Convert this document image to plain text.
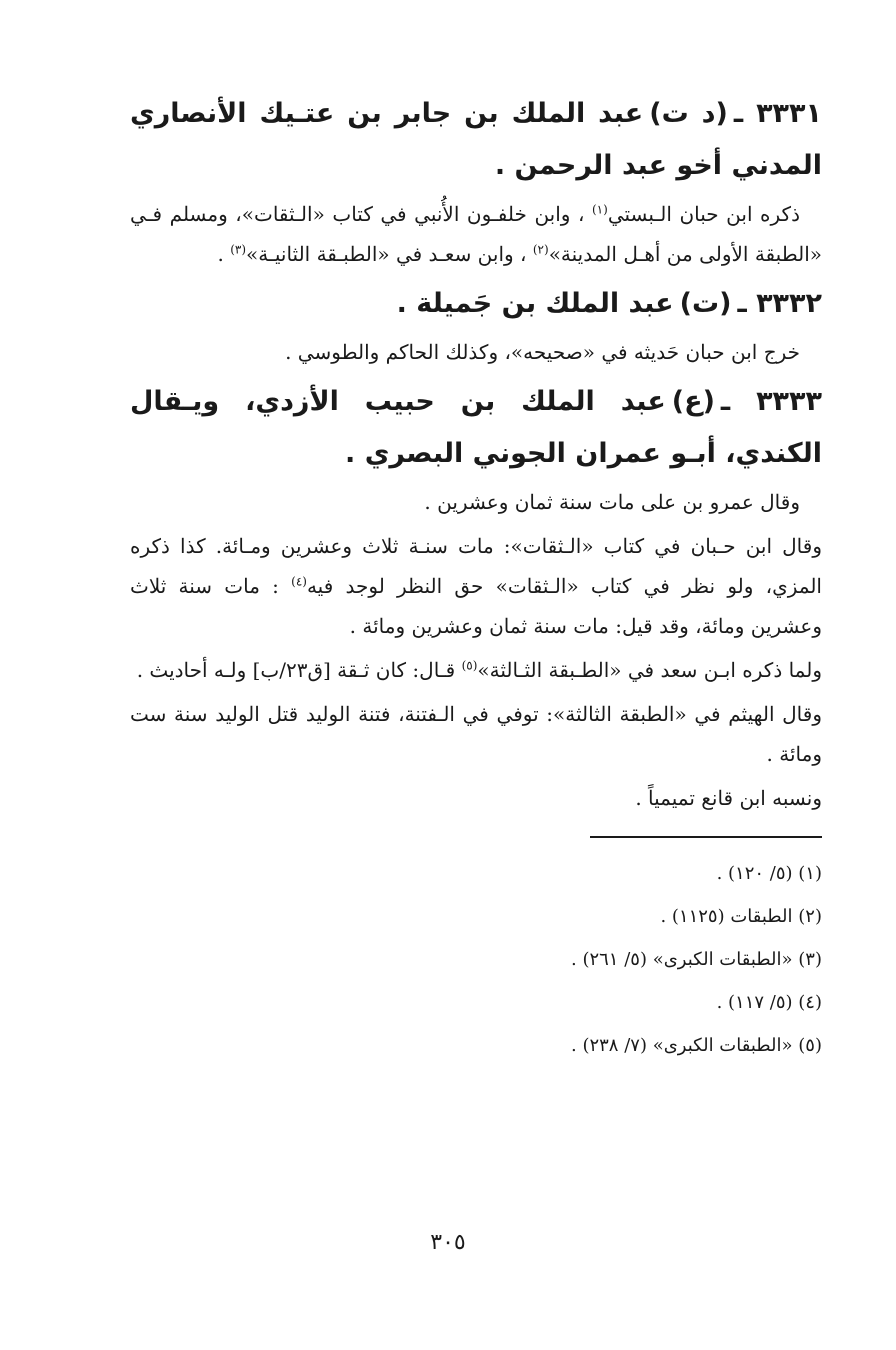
٣٣٣١ ـ(د ت)عبد الملك بن جابر بن عتـيك الأنصاري المدني أخو عبد الرحمن .

ذكره ابن حبان الـبستي$^{(١)}$ ، وابن خلفـون الأُنبي في كتاب «الـثقات»، ومسلم فـي «الطبقة الأولى من أهـل المدينة»$^{(٢)}$ ، وابن سعـد في «الطبـقة الثانيـة»$^{(٣)}$ .

٣٣٣٢ ـ(ت)عبد الملك بن جَميلة .

خرج ابن حبان حَديثه في «صحيحه»، وكذلك الحاكم والطوسي .

٣٣٣٣ ـ(ع)عبد الملك بن حبيب الأزدي، ويـقال الكندي، أبـو عمران الجوني البصري .

وقال عمرو بن على مات سنة ثمان وعشرين .

وقال ابن حـبان في كتاب «الـثقات»: مات سنـة ثلاث وعشرين ومـائة. كذا ذكره المزي، ولو نظر في كتاب «الـثقات» حق النظر لوجد فيه$^{(٤)}$ : مات سنة ثلاث وعشرين ومائة، وقد قيل: مات سنة ثمان وعشرين ومائة .

ولما ذكره ابـن سعد في «الطـبقة الثـالثة»$^{(٥)}$ قـال: كان ثـقة [ق٢٣/ب] ولـه أحاديث .

وقال الهيثم في «الطبقة الثالثة»: توفي في الـفتنة، فتنة الوليد قتل الوليد سنة ست ومائة .

ونسبه ابن قانع تميمياً .

(١) (٥/ ١٢٠) .

(٢) الطبقات (١١٢٥) .

(٣) «الطبقات الكبرى» (٥/ ٢٦١) .

(٤) (٥/ ١١٧) .

(٥) «الطبقات الكبرى» (٧/ ٢٣٨) .

٣٠٥
